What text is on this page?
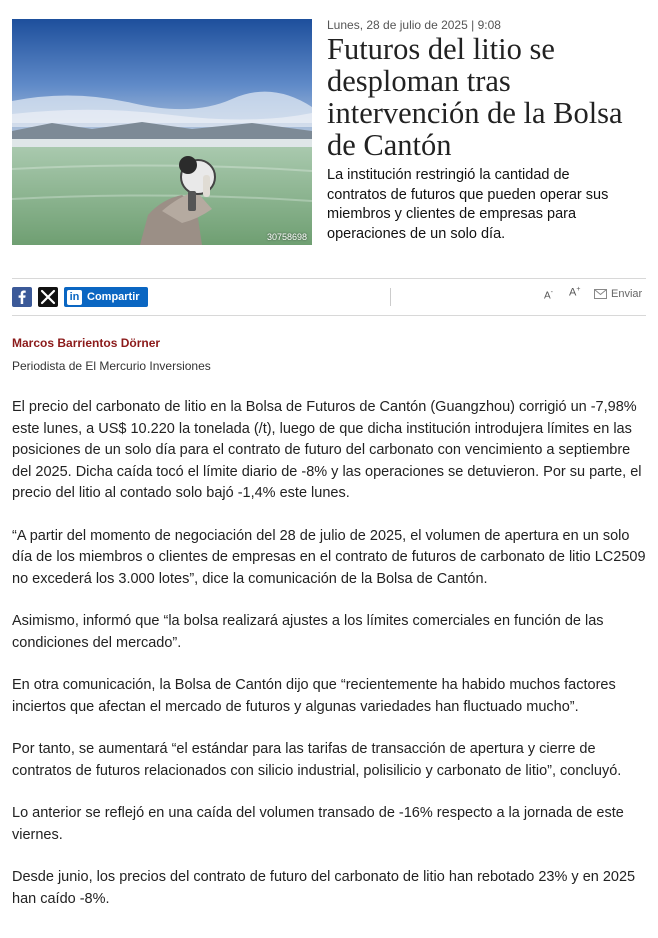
30758698
Lunes, 28 de julio de 2025 | 9:08
Futuros del litio se desploman tras intervención de la Bolsa de Cantón

La institución restringió la cantidad de contratos de futuros que pueden operar sus miembros y clientes de empresas para operaciones de un solo día.

in Compartir	A- A+	Enviar
Marcos Barrientos Dörner
Periodista de El Mercurio Inversiones

El precio del carbonato de litio en la Bolsa de Futuros de Cantón (Guangzhou) corrigió un -7,98% este lunes, a US$ 10.220 la tonelada (/t), luego de que dicha institución introdujera límites en las posiciones de un solo día para el contrato de futuro del carbonato con vencimiento a septiembre del 2025. Dicha caída tocó el límite diario de -8% y las operaciones se detuvieron. Por su parte, el precio del litio al contado solo bajó -1,4% este lunes.

“A partir del momento de negociación del 28 de julio de 2025, el volumen de apertura en un solo día de los miembros o clientes de empresas en el contrato de futuros de carbonato de litio LC2509 no excederá los 3.000 lotes”, dice la comunicación de la Bolsa de Cantón.

Asimismo, informó que “la bolsa realizará ajustes a los límites comerciales en función de las condiciones del mercado”.

En otra comunicación, la Bolsa de Cantón dijo que “recientemente ha habido muchos factores inciertos que afectan el mercado de futuros y algunas variedades han fluctuado mucho”.

Por tanto, se aumentará “el estándar para las tarifas de transacción de apertura y cierre de contratos de futuros relacionados con silicio industrial, polisilicio y carbonato de litio”, concluyó.

Lo anterior se reflejó en una caída del volumen transado de -16% respecto a la jornada de este viernes.

Desde junio, los precios del contrato de futuro del carbonato de litio han rebotado 23% y en 2025 han caído -8%.
